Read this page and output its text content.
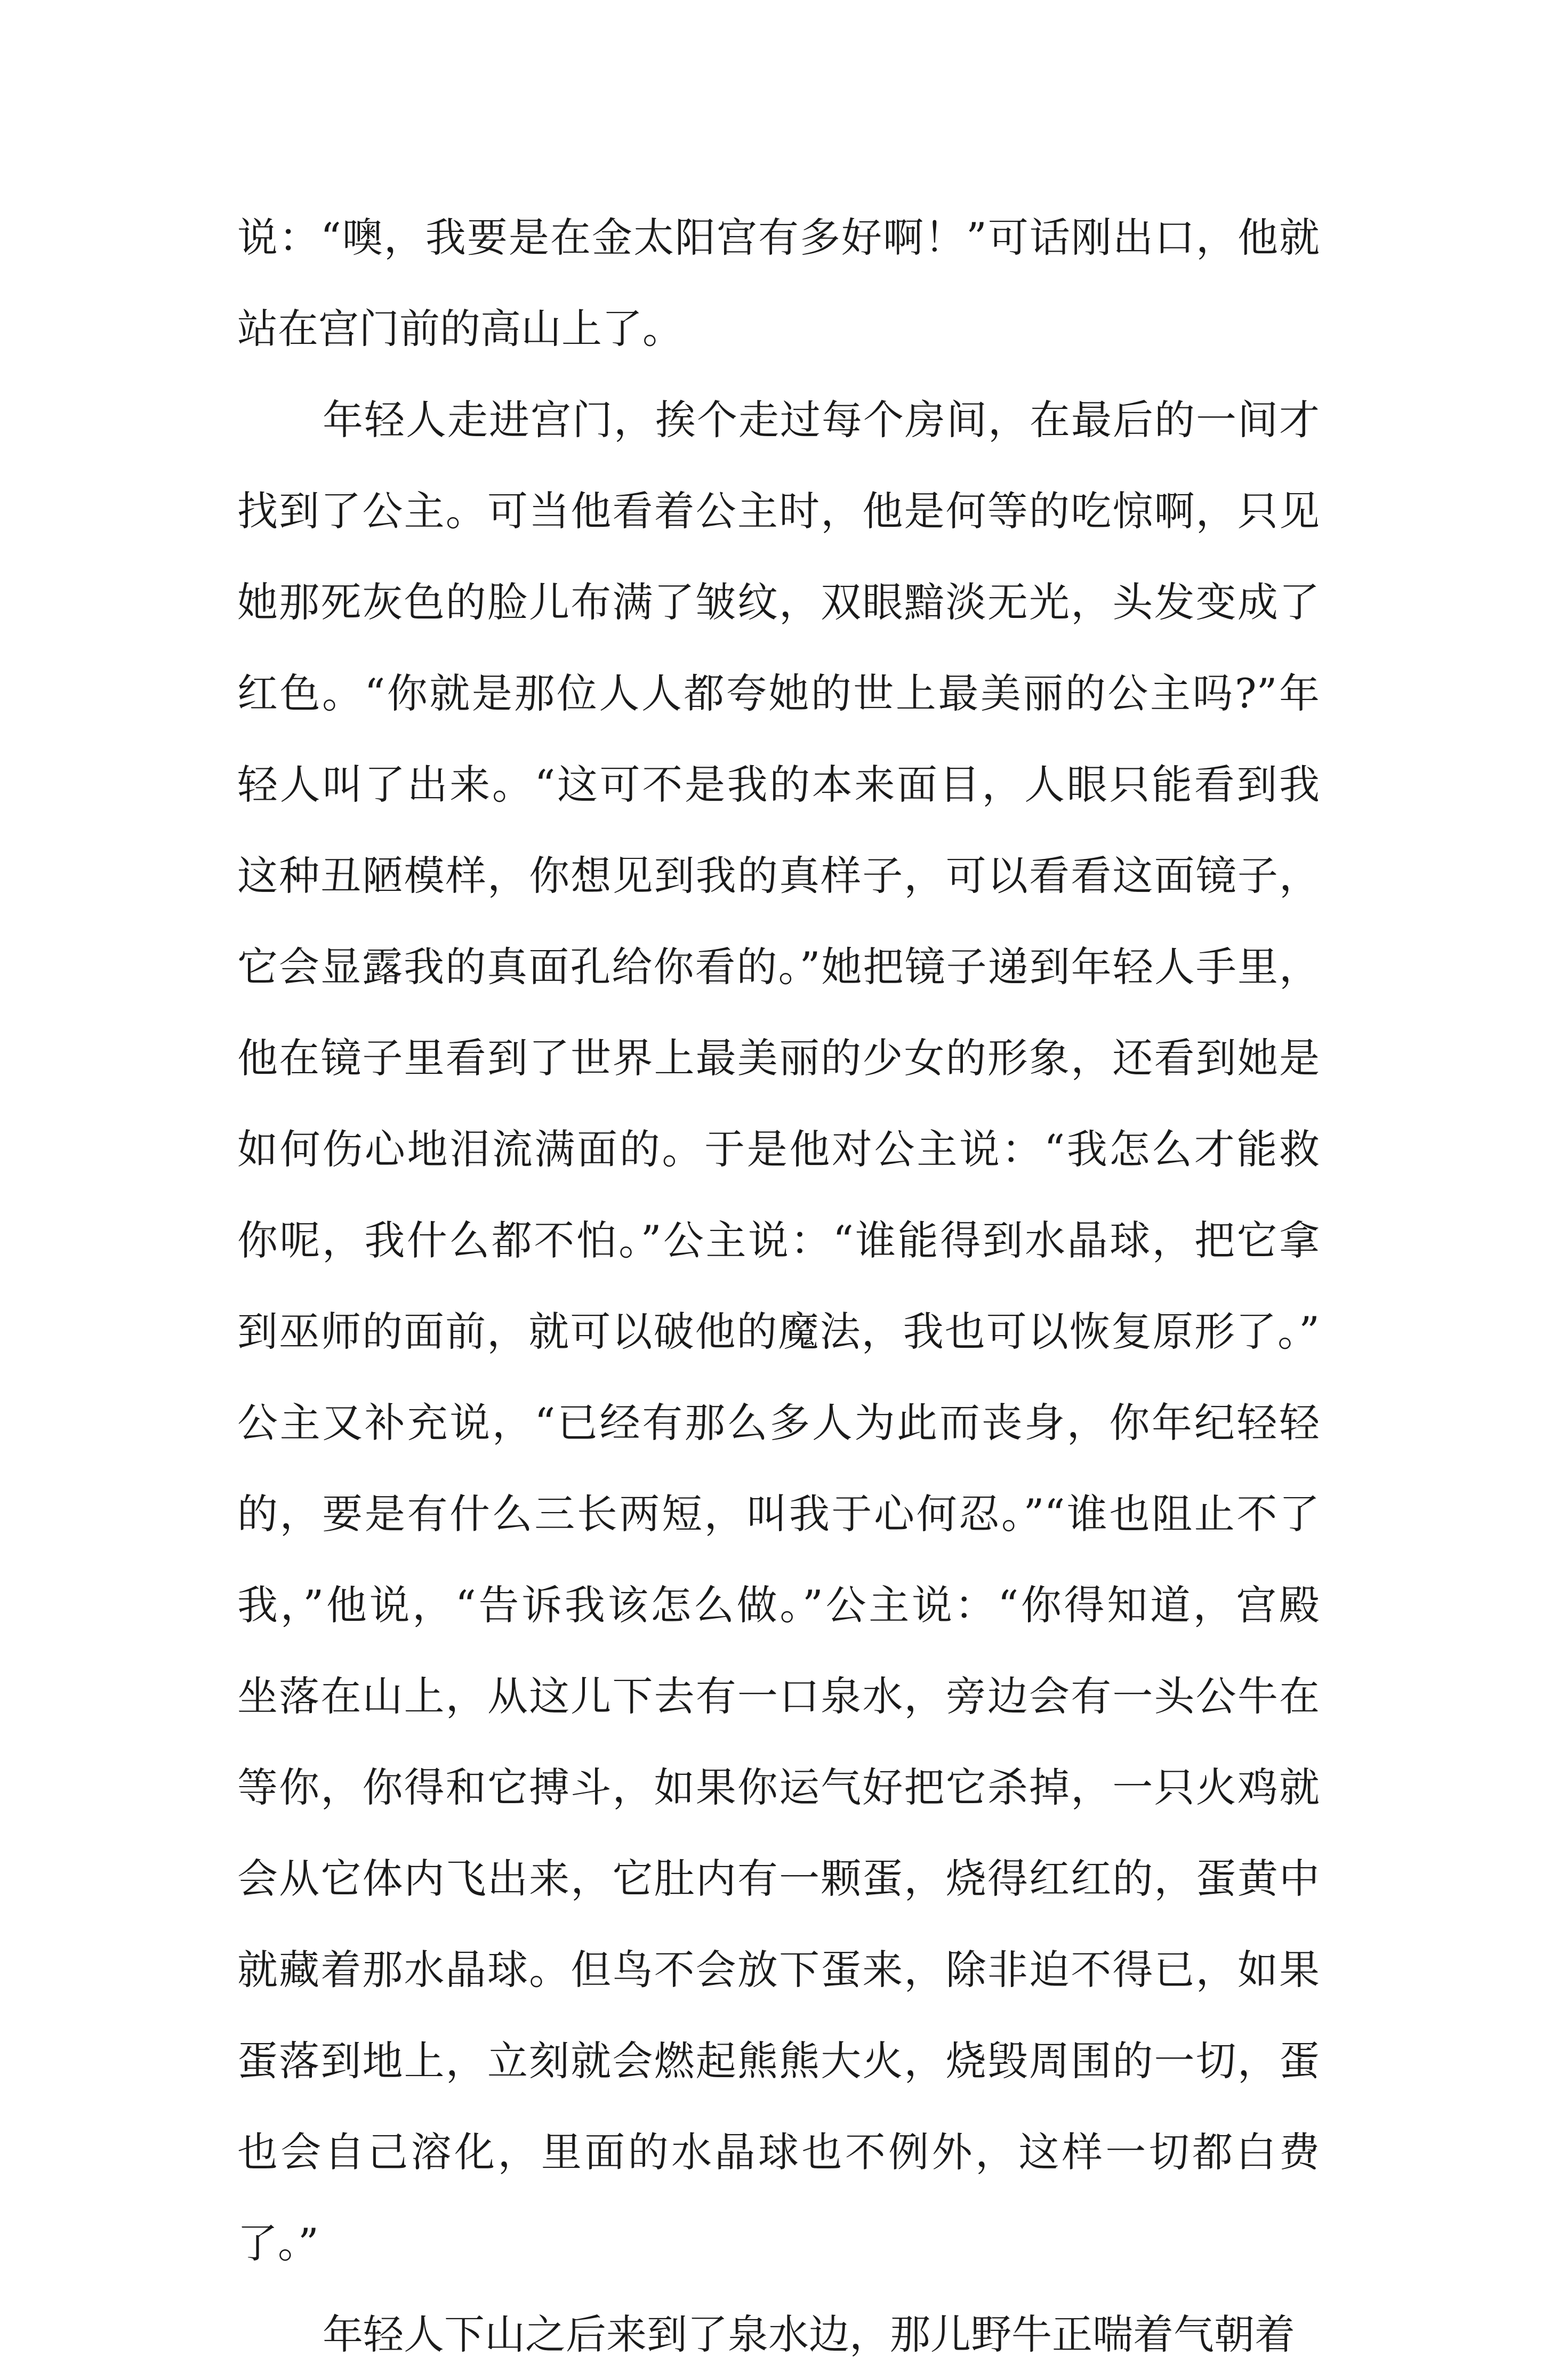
说：“噢，我要是在金太阳宫有多好啊！”可话刚出口，他就
站在宫门前的高山上了。
年轻人走进宫门，挨个走过每个房间，在最后的一间才
找到了公主。可当他看着公主时，他是何等的吃惊啊，只见
她那死灰色的脸儿布满了皱纹，双眼黯淡无光，头发变成了
红色。“你就是那位人人都夸她的世上最美丽的公主吗?”年
轻人叫了出来。“这可不是我的本来面目，人眼只能看到我
这种丑陋模样，你想见到我的真样子，可以看看这面镜子，
它会显露我的真面孔给你看的。”她把镜子递到年轻人手里，
他在镜子里看到了世界上最美丽的少女的形象，还看到她是
如何伤心地泪流满面的。于是他对公主说：“我怎么才能救
你呢，我什么都不怕。”公主说：“谁能得到水晶球，把它拿
到巫师的面前，就可以破他的魔法，我也可以恢复原形了。”
公主又补充说，“已经有那么多人为此而丧身，你年纪轻轻
的，要是有什么三长两短，叫我于心何忍。”“谁也阻止不了
我，”他说，“告诉我该怎么做。”公主说：“你得知道，宫殿
坐落在山上，从这儿下去有一口泉水，旁边会有一头公牛在
等你，你得和它搏斗，如果你运气好把它杀掉，一只火鸡就
会从它体内飞出来，它肚内有一颗蛋，烧得红红的，蛋黄中
就藏着那水晶球。但鸟不会放下蛋来，除非迫不得已，如果
蛋落到地上，立刻就会燃起熊熊大火，烧毁周围的一切，蛋
也会自己溶化，里面的水晶球也不例外，这样一切都白费
了。”
年轻人下山之后来到了泉水边，那儿野牛正喘着气朝着
